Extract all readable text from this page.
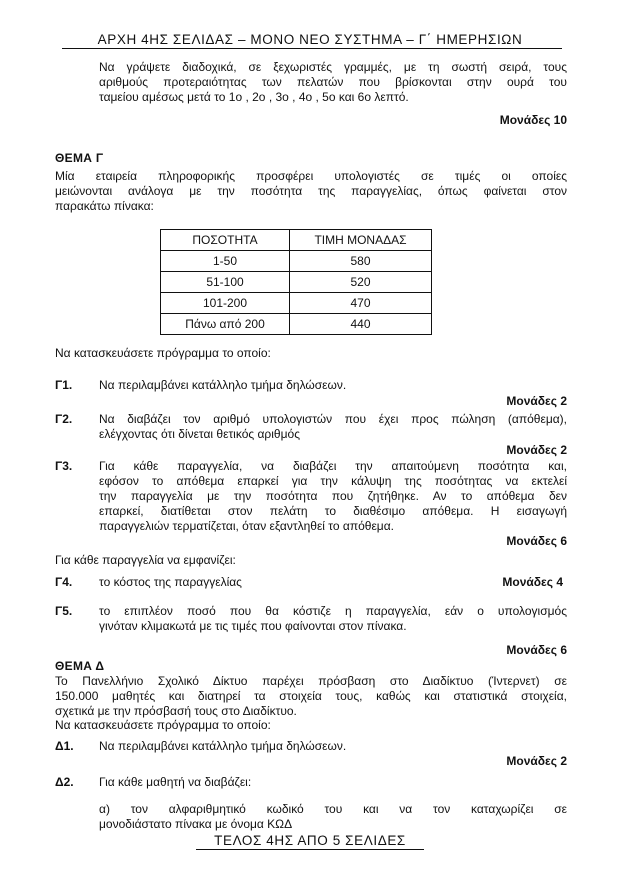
ΑΡΧΗ 4ΗΣ ΣΕΛΙΔΑΣ – ΜΟΝΟ ΝΕΟ ΣΥΣΤΗΜΑ – Γ΄ ΗΜΕΡΗΣΙΩΝ
Να γράψετε διαδοχικά, σε ξεχωριστές γραμμές, με τη σωστή σειρά, τους
αριθμούς προτεραιότητας των πελατών που βρίσκονται στην ουρά του
ταμείου αμέσως μετά το 1ο , 2ο , 3ο , 4ο , 5ο και 6ο λεπτό.
Μονάδες 10
ΘΕΜΑ Γ
Μία εταιρεία πληροφορικής προσφέρει υπολογιστές σε τιμές οι οποίες
μειώνονται ανάλογα με την ποσότητα της παραγγελίας, όπως φαίνεται στον
παρακάτω πίνακα:
ΠΟΣΟΤΗΤΑ	ΤΙΜΗ ΜΟΝΑΔΑΣ
1-50	580
51-100	520
101-200	470
Πάνω από 200	440
Να κατασκευάσετε πρόγραμμα το οποίο:
Γ1. Να περιλαμβάνει κατάλληλο τμήμα δηλώσεων.
Μονάδες 2
Γ2. Να διαβάζει τον αριθμό υπολογιστών που έχει προς πώληση (απόθεμα),
ελέγχοντας ότι δίνεται θετικός αριθμός
Μονάδες 2
Γ3. Για κάθε παραγγελία, να διαβάζει την απαιτούμενη ποσότητα και,
εφόσον το απόθεμα επαρκεί για την κάλυψη της ποσότητας να εκτελεί
την παραγγελία με την ποσότητα που ζητήθηκε. Αν το απόθεμα δεν
επαρκεί, διατίθεται στον πελάτη το διαθέσιμο απόθεμα. Η εισαγωγή
παραγγελιών τερματίζεται, όταν εξαντληθεί το απόθεμα.
Μονάδες 6
Για κάθε παραγγελία να εμφανίζει:
Γ4. το κόστος της παραγγελίας	Μονάδες 4
Γ5. το επιπλέον ποσό που θα κόστιζε η παραγγελία, εάν ο υπολογισμός
γινόταν κλιμακωτά με τις τιμές που φαίνονται στον πίνακα.
Μονάδες 6
ΘΕΜΑ Δ
Το Πανελλήνιο Σχολικό Δίκτυο παρέχει πρόσβαση στο Διαδίκτυο (Ίντερνετ) σε
150.000 μαθητές και διατηρεί τα στοιχεία τους, καθώς και στατιστικά στοιχεία,
σχετικά με την πρόσβασή τους στο Διαδίκτυο.
Να κατασκευάσετε πρόγραμμα το οποίο:
Δ1. Να περιλαμβάνει κατάλληλο τμήμα δηλώσεων.
Μονάδες 2
Δ2. Για κάθε μαθητή να διαβάζει:
α) τον αλφαριθμητικό κωδικό του και να τον καταχωρίζει σε
μονοδιάστατο πίνακα με όνομα ΚΩΔ
ΤΕΛΟΣ 4ΗΣ ΑΠΟ 5 ΣΕΛΙΔΕΣ
